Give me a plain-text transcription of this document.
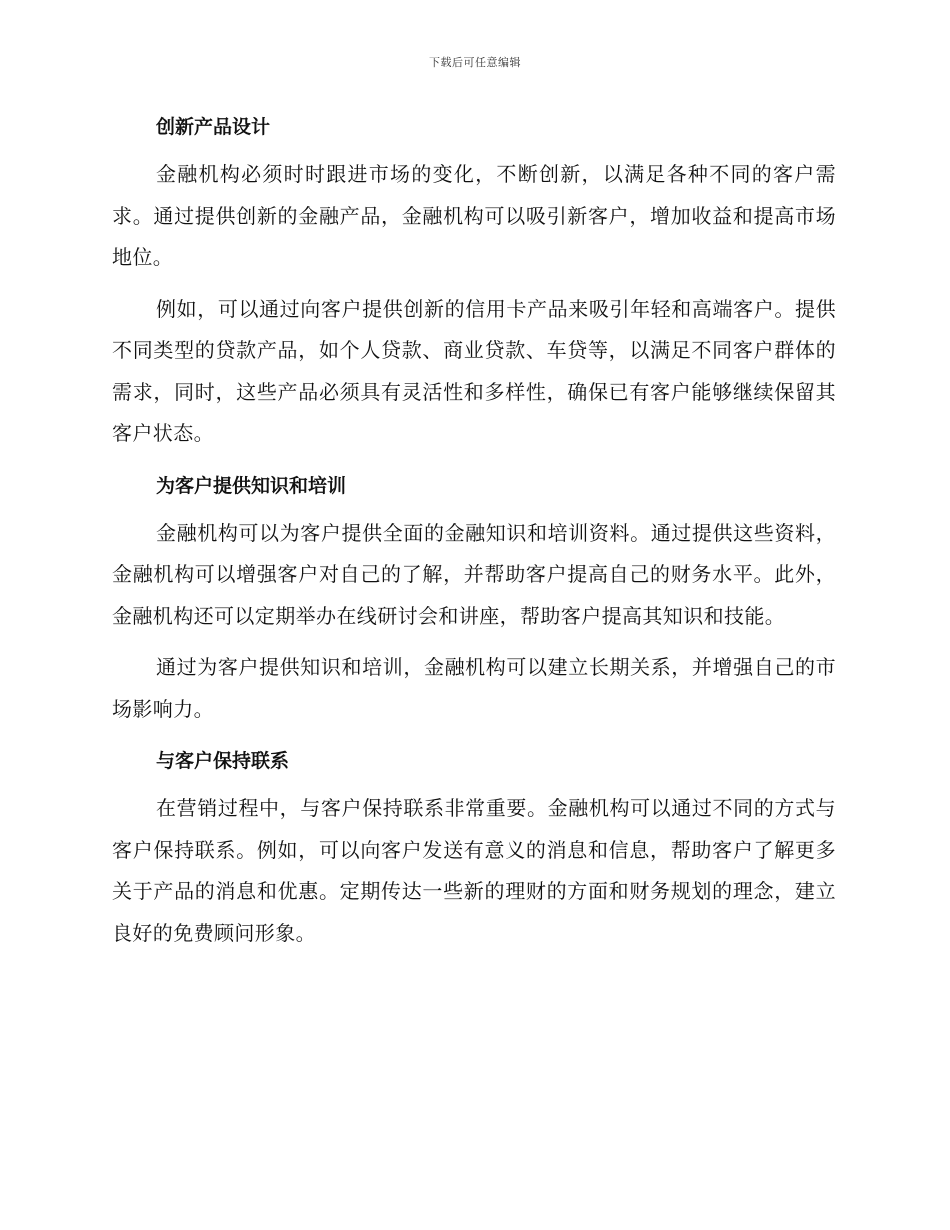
下载后可任意编辑
创新产品设计

金融机构必须时时跟进市场的变化，不断创新，以满足各种不同的客户需求。通过提供创新的金融产品，金融机构可以吸引新客户，增加收益和提高市场地位。

例如，可以通过向客户提供创新的信用卡产品来吸引年轻和高端客户。提供不同类型的贷款产品，如个人贷款、商业贷款、车贷等，以满足不同客户群体的需求，同时，这些产品必须具有灵活性和多样性，确保已有客户能够继续保留其客户状态。

为客户提供知识和培训

金融机构可以为客户提供全面的金融知识和培训资料。通过提供这些资料，金融机构可以增强客户对自己的了解，并帮助客户提高自己的财务水平。此外，金融机构还可以定期举办在线研讨会和讲座，帮助客户提高其知识和技能。

通过为客户提供知识和培训，金融机构可以建立长期关系，并增强自己的市场影响力。

与客户保持联系

在营销过程中，与客户保持联系非常重要。金融机构可以通过不同的方式与客户保持联系。例如，可以向客户发送有意义的消息和信息，帮助客户了解更多关于产品的消息和优惠。定期传达一些新的理财的方面和财务规划的理念，建立良好的免费顾问形象。
